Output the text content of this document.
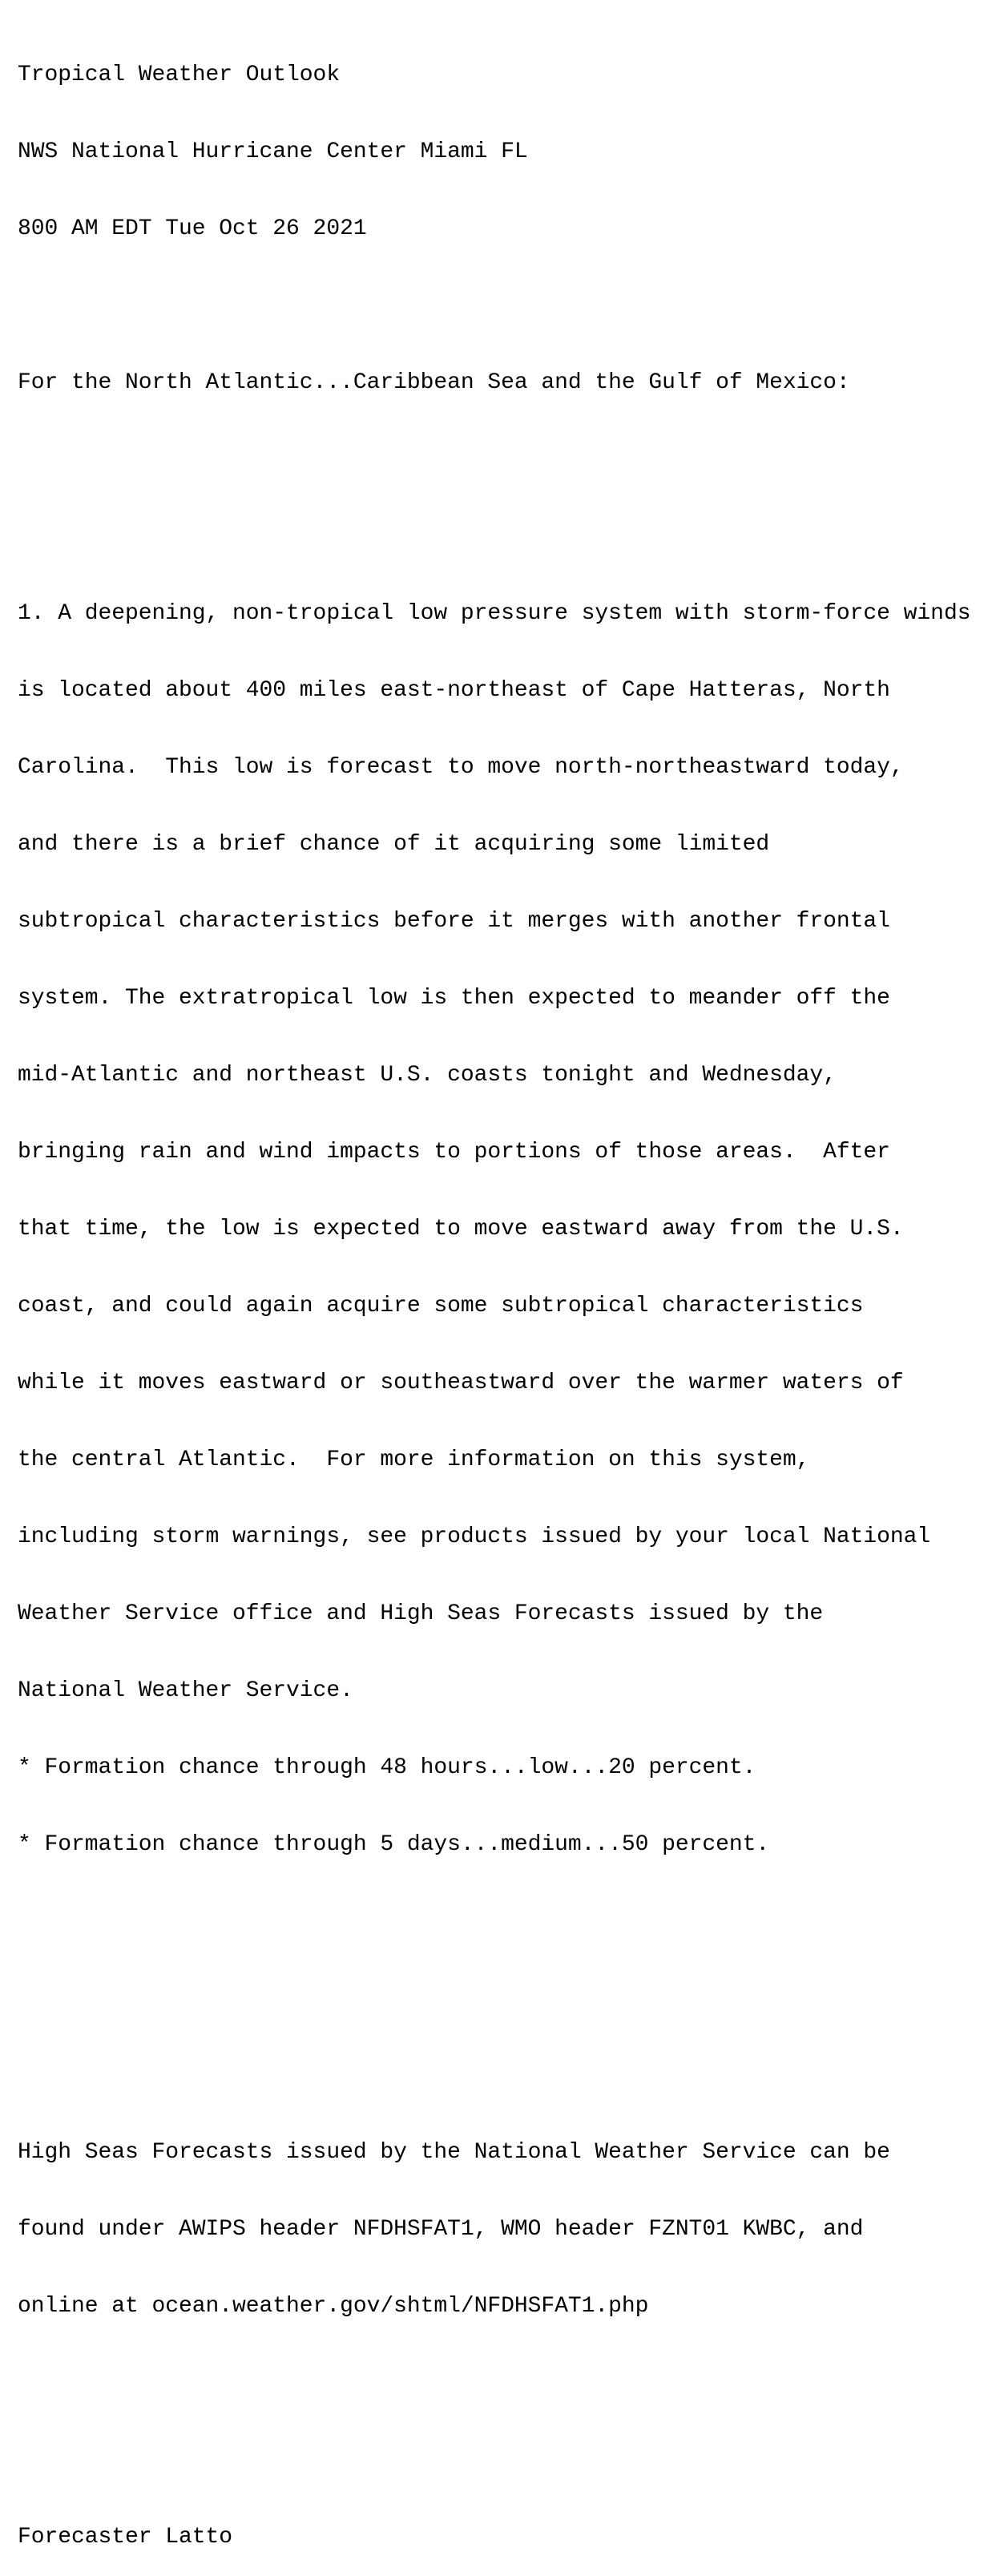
Tropical Weather Outlook

NWS National Hurricane Center Miami FL

800 AM EDT Tue Oct 26 2021

For the North Atlantic...Caribbean Sea and the Gulf of Mexico:

1. A deepening, non-tropical low pressure system with storm-force winds

is located about 400 miles east-northeast of Cape Hatteras, North

Carolina.  This low is forecast to move north-northeastward today,

and there is a brief chance of it acquiring some limited

subtropical characteristics before it merges with another frontal

system. The extratropical low is then expected to meander off the

mid-Atlantic and northeast U.S. coasts tonight and Wednesday,

bringing rain and wind impacts to portions of those areas.  After

that time, the low is expected to move eastward away from the U.S.

coast, and could again acquire some subtropical characteristics

while it moves eastward or southeastward over the warmer waters of

the central Atlantic.  For more information on this system,

including storm warnings, see products issued by your local National

Weather Service office and High Seas Forecasts issued by the

National Weather Service.

* Formation chance through 48 hours...low...20 percent.

* Formation chance through 5 days...medium...50 percent.

High Seas Forecasts issued by the National Weather Service can be

found under AWIPS header NFDHSFAT1, WMO header FZNT01 KWBC, and

online at ocean.weather.gov/shtml/NFDHSFAT1.php

Forecaster Latto
